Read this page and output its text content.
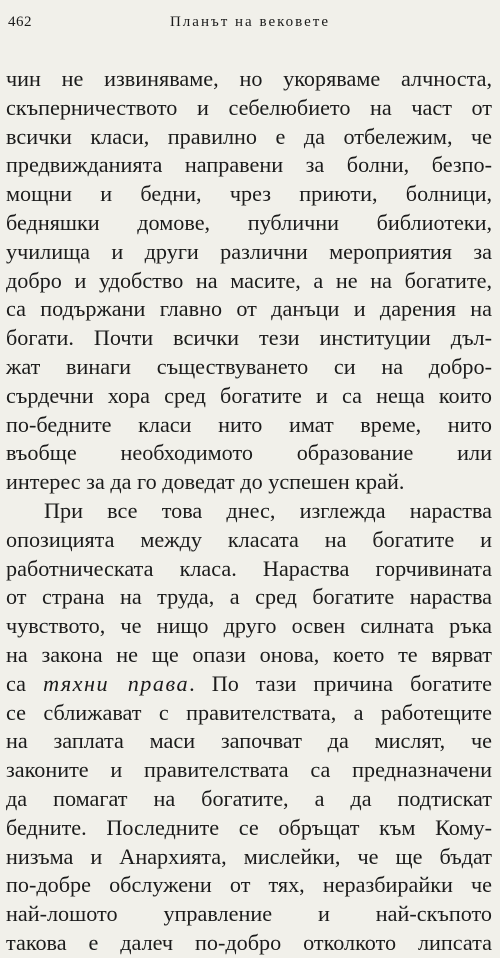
462	Планът на вековете
чин не извиняваме, но укоряваме алчноста,
скъперничеството и себелюбието на част от
всички класи, правилно е да отбележим, че
предвижданията направени за болни, безпо-
мощни и бедни, чрез приюти, болници,
бедняшки домове, публични библиотеки,
училища и други различни мероприятия за
добро и удобство на масите, а не на богатите,
са подържани главно от данъци и дарения на
богати. Почти всички тези институции дъл-
жат винаги съществуването си на добро-
сърдечни хора сред богатите и са неща които
по-бедните класи нито имат време, нито
въобще необходимото образование или
интерес за да го доведат до успешен край.
При все това днес, изглежда нараства
опозицията между класата на богатите и
работническата класа. Нараства горчивината
от страна на труда, а сред богатите нараства
чувството, че нищо друго освен силната ръка
на закона не ще опази онова, което те вярват
са тяхни права. По тази причина богатите
се сближават с правителствата, а работещите
на заплата маси започват да мислят, че
законите и правителствата са предназначени
да помагат на богатите, а да подтискат
бедните. Последните се обръщат към Кому-
низъма и Анархията, мислейки, че ще бъдат
по-добре обслужени от тях, неразбирайки че
най-лошото управление и най-скъпото
такова е далеч по-добро отколкото липсата
